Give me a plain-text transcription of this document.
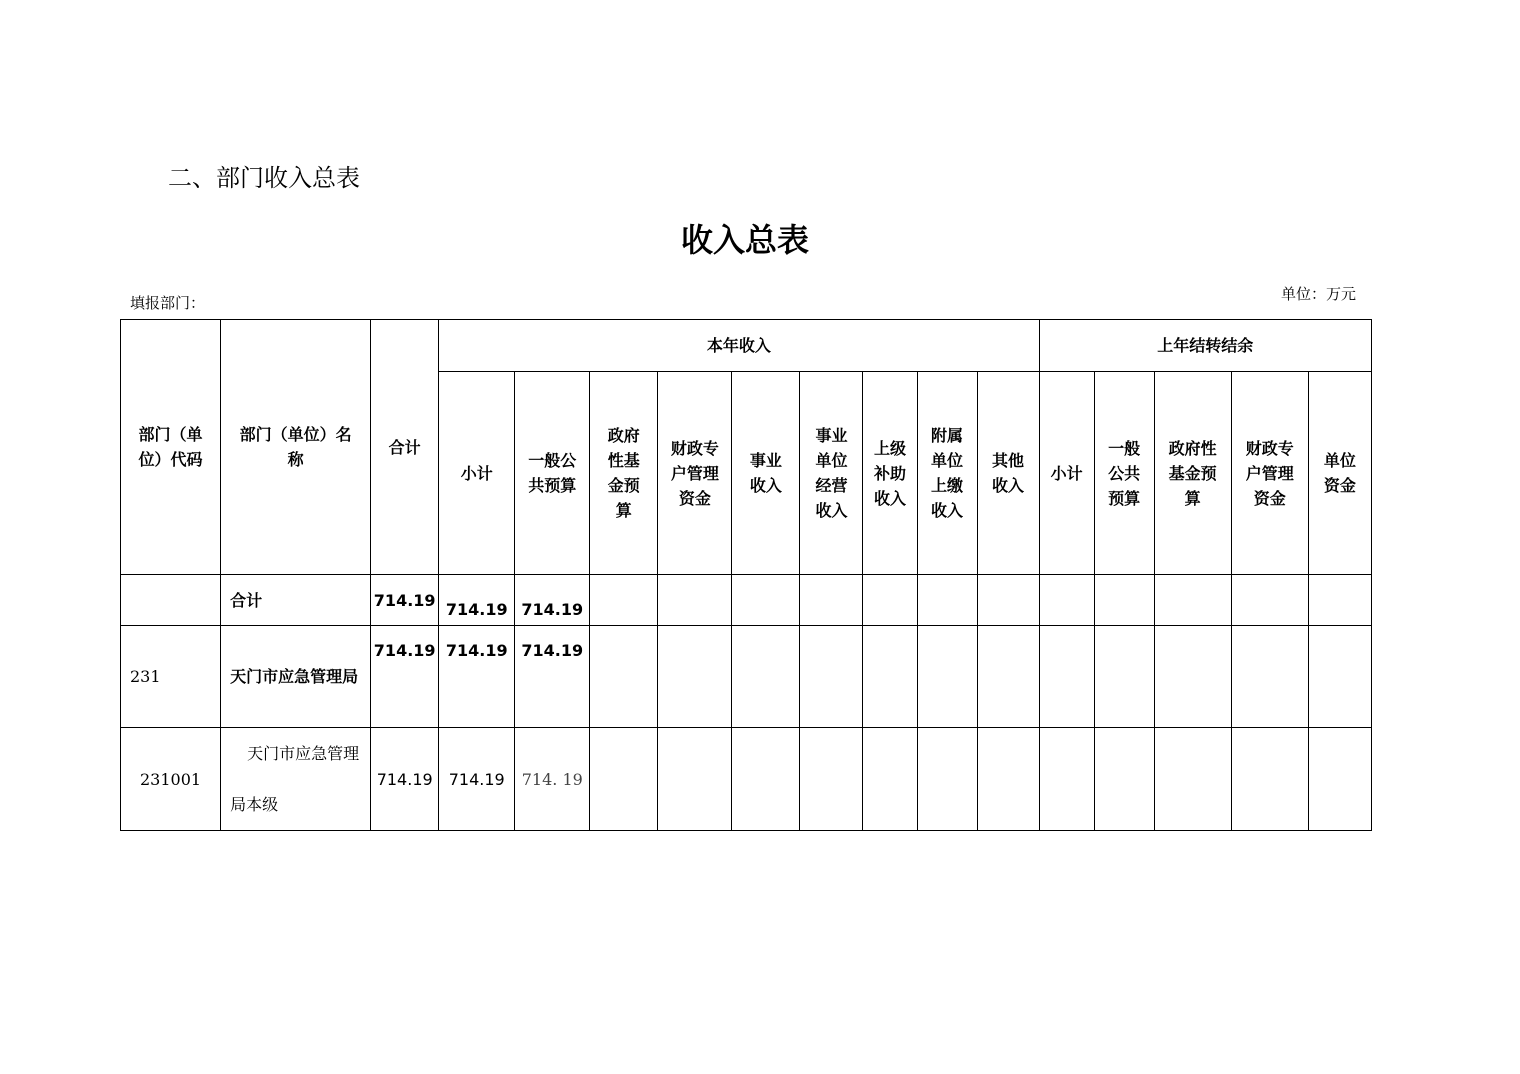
二、部门收入总表
收入总表
填报部门：	单位：万元
部门（单位）代码	部门（单位）名称	合计	本年收入									上年结转结余				
			小计	一般公共预算	政府性基金预算	财政专户管理资金	事业收入	事业单位经营收入	上级补助收入	附属单位上缴收入	其他收入	小计	一般公共预算	政府性基金预算	财政专户管理资金	单位资金
	合计	714.19	714.19	714.19												
231	天门市应急管理局	714.19	714.19	714.19												
231001	天门市应急管理局本级	714.19	714.19	714. 19												
